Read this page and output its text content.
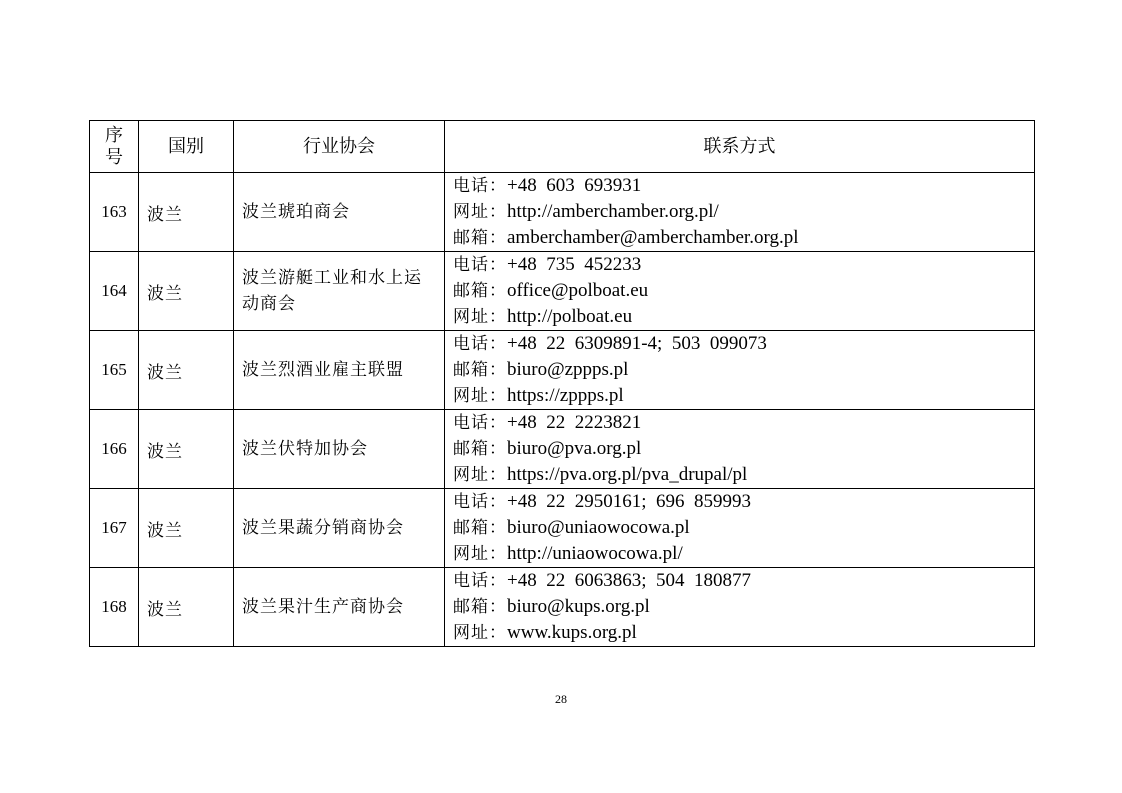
序
号	国别	行业协会	联系方式
163	波兰	波兰琥珀商会	电话：+48  603  693931
网址：http://amberchamber.org.pl/
邮箱：amberchamber@amberchamber.org.pl

164	波兰	波兰游艇工业和水上运动商会	电话：+48  735  452233
邮箱：office@polboat.eu
网址：http://polboat.eu

165	波兰	波兰烈酒业雇主联盟	电话：+48  22  6309891-4;  503  099073
邮箱：biuro@zppps.pl
网址：https://zppps.pl

166	波兰	波兰伏特加协会	电话：+48  22  2223821
邮箱：biuro@pva.org.pl
网址：https://pva.org.pl/pva_drupal/pl

167	波兰	波兰果蔬分销商协会	电话：+48  22  2950161;  696  859993
邮箱：biuro@uniaowocowa.pl
网址：http://uniaowocowa.pl/

168	波兰	波兰果汁生产商协会	电话：+48  22  6063863;  504  180877
邮箱：biuro@kups.org.pl
网址：www.kups.org.pl
28
